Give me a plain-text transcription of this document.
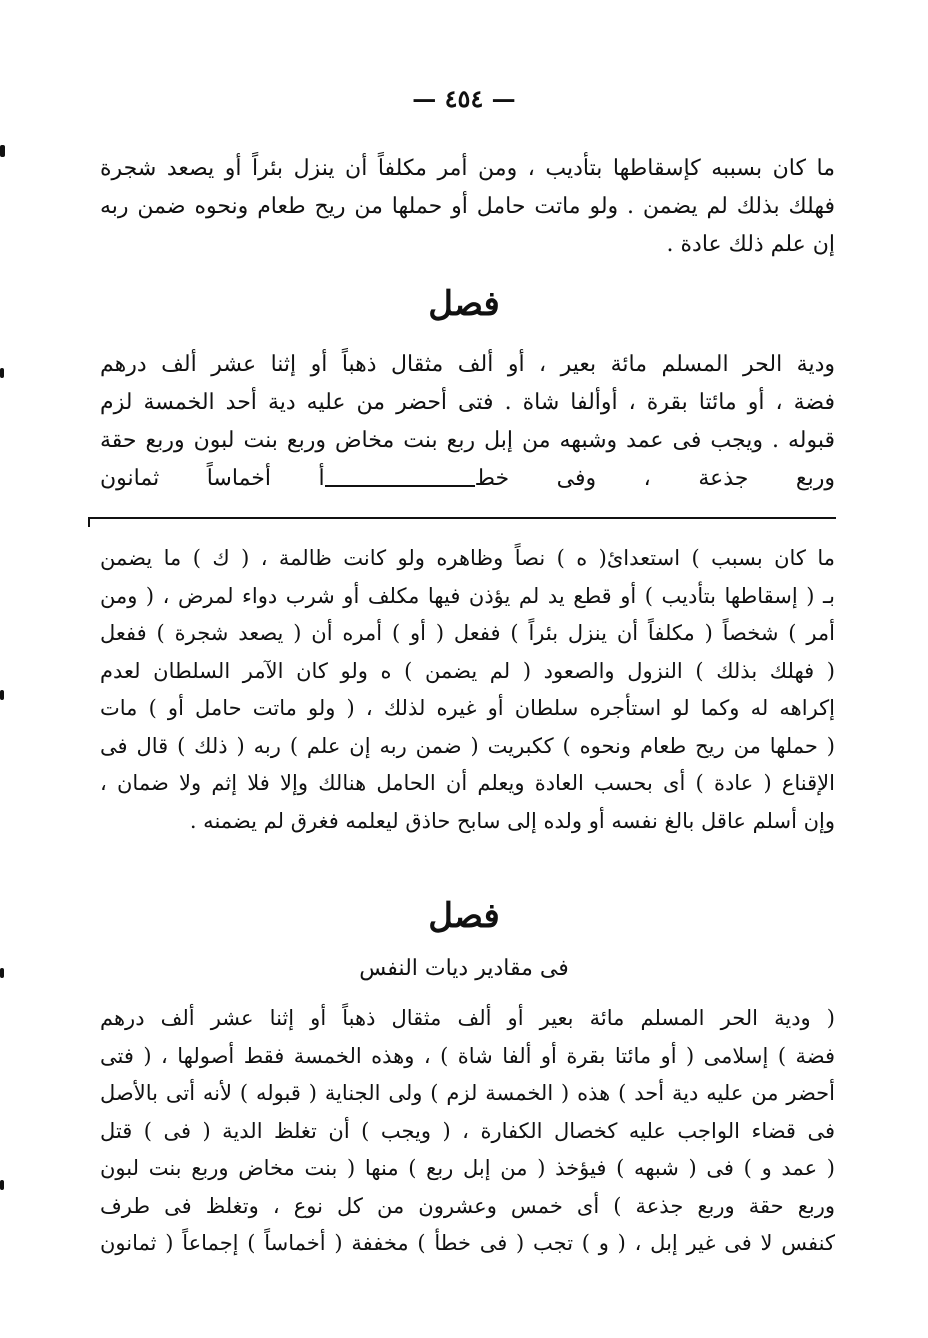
— ٤٥٤ —
ما كان بسببه كإسقاطها بتأديب ، ومن أمر مكلفاً أن ينزل بئراً أو يصعد شجرة
فهلك بذلك لم يضمن . ولو ماتت حامل أو حملها من ريح طعام ونحوه ضمن ربه
إن علم ذلك عادة .
فصل
ودية الحر المسلم مائة بعير ، أو ألف مثقال ذهباً أو إثنا عشر ألف درهم
فضة ، أو مائتا بقرة ، أوألفا شاة . فتى أحضر من عليه دية أحد الخمسة لزم
قبوله . ويجب فى عمد وشبهه من إبل ربع بنت مخاض وربع بنت لبون وربع حقة
وربع جذعة ، وفى خطأ أخماساً ثمانون
ما كان بسبب ) استعدائ( ه ) نصاً وظاهره ولو كانت ظالمة ، ( ك ) ما يضمن
بـ ( إسقاطها بتأديب ) أو قطع يد لم يؤذن فيها مكلف أو شرب دواء لمرض ، ( ومن
أمر ) شخصاً ( مكلفاً أن ينزل بئراً ) ففعل ( أو ) أمره أن ( يصعد شجرة ) ففعل
( فهلك بذلك ) النزول والصعود ( لم يضمن ) ه ولو كان الآمر السلطان لعدم
إكراهه له وكما لو استأجره سلطان أو غيره لذلك ، ( ولو ماتت حامل أو ) مات
( حملها من ريح طعام ونحوه ) ككبريت ( ضمن ربه إن علم ) ربه ( ذلك ) قال فى
الإقناع ( عادة ) أى بحسب العادة ويعلم أن الحامل هنالك وإلا فلا إثم ولا ضمان ،
وإن أسلم عاقل بالغ نفسه أو ولده إلى سابح حاذق ليعلمه فغرق لم يضمنه .
فصل
فى مقادير ديات النفس
( ودية الحر المسلم مائة بعير أو ألف مثقال ذهباً أو إثنا عشر ألف درهم
فضة ) إسلامى ( أو مائتا بقرة أو ألفا شاة ) ، وهذه الخمسة فقط أصولها ، ( فتى
أحضر من عليه دية أحد ) هذه ( الخمسة لزم ) ولى الجناية ( قبوله ) لأنه أتى بالأصل
فى قضاء الواجب عليه كخصال الكفارة ، ( ويجب ) أن تغلظ الدية ( فى ) قتل
( عمد و ) فى ( شبهه ) فيؤخذ ( من إبل ربع ) منها ( بنت مخاض وربع بنت لبون
وربع حقة وربع جذعة ) أى خمس وعشرون من كل نوع ، وتغلظ فى طرف
كنفس لا فى غير إبل ، ( و ) تجب ( فى خطأ ) مخففة ( أخماساً ) إجماعاً ( ثمانون
